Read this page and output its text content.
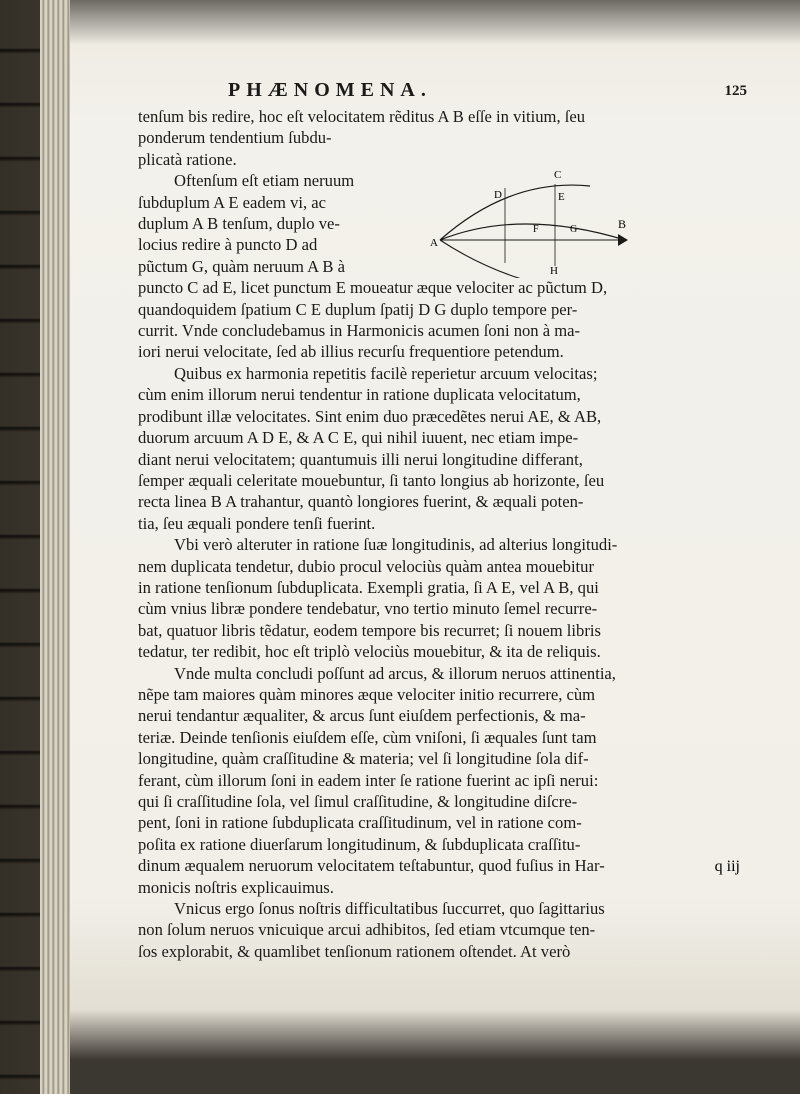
PHÆNOMENA.	125
tenſum bis redire, hoc eſt velocitatem rẽditus A B eſſe in vitium, ſeu
ponderum tendentium ſubdu-
plicatà ratione.
Oftenſum eſt etiam neruum
ſubduplum A E eadem vi, ac
duplum A B tenſum, duplo ve-
locius redire à puncto D ad
pũctum G, quàm neruum A B à
puncto C ad E, licet punctum E moueatur æque velociter ac pũctum D,
quandoquidem ſpatium C E duplum ſpatij D G duplo tempore per-
currit. Vnde concludebamus in Harmonicis acumen ſoni non à ma-
iori nerui velocitate, ſed ab illius recurſu frequentiore petendum.
Quibus ex harmonia repetitis facilè reperietur arcuum velocitas;
cùm enim illorum nerui tendentur in ratione duplicata velocitatum,
prodibunt illæ velocitates. Sint enim duo præcedẽtes nerui AE, & AB,
duorum arcuum A D E, & A C E, qui nihil iuuent, nec etiam impe-
diant nerui velocitatem; quantumuis illi nerui longitudine differant,
ſemper æquali celeritate mouebuntur, ſi tanto longius ab horizonte, ſeu
recta linea B A trahantur, quantò longiores fuerint, & æquali poten-
tia, ſeu æquali pondere tenſi fuerint.
Vbi verò alteruter in ratione ſuæ longitudinis, ad alterius longitudi-
nem duplicata tendetur, dubio procul velociùs quàm antea mouebitur
in ratione tenſionum ſubduplicata. Exempli gratia, ſi A E, vel A B, qui
cùm vnius libræ pondere tendebatur, vno tertio minuto ſemel recurre-
bat, quatuor libris tẽdatur, eodem tempore bis recurret; ſi nouem libris
tedatur, ter redibit, hoc eſt triplò velociùs mouebitur, & ita de reliquis.
Vnde multa concludi poſſunt ad arcus, & illorum neruos attinentia,
nẽpe tam maiores quàm minores æque velociter initio recurrere, cùm
nerui tendantur æqualiter, & arcus ſunt eiuſdem perfectionis, & ma-
teriæ. Deinde tenſionis eiuſdem eſſe, cùm vniſoni, ſi æquales ſunt tam
longitudine, quàm craſſitudine & materia; vel ſi longitudine ſola dif-
ferant, cùm illorum ſoni in eadem inter ſe ratione fuerint ac ipſi nerui:
qui ſi craſſitudine ſola, vel ſimul craſſitudine, & longitudine diſcre-
pent, ſoni in ratione ſubduplicata craſſitudinum, vel in ratione com-
poſita ex ratione diuerſarum longitudinum, & ſubduplicata craſſitu-
dinum æqualem neruorum velocitatem teſtabuntur, quod fuſius in Har-
monicis noſtris explicauimus.
Vnicus ergo ſonus noſtris difficultatibus ſuccurret, quo ſagittarius
non ſolum neruos vnicuique arcui adhibitos, ſed etiam vtcumque ten-
ſos explorabit, & quamlibet tenſionum rationem oſtendet. At verò
C
D	E
A
F	G	B
H
q iij
